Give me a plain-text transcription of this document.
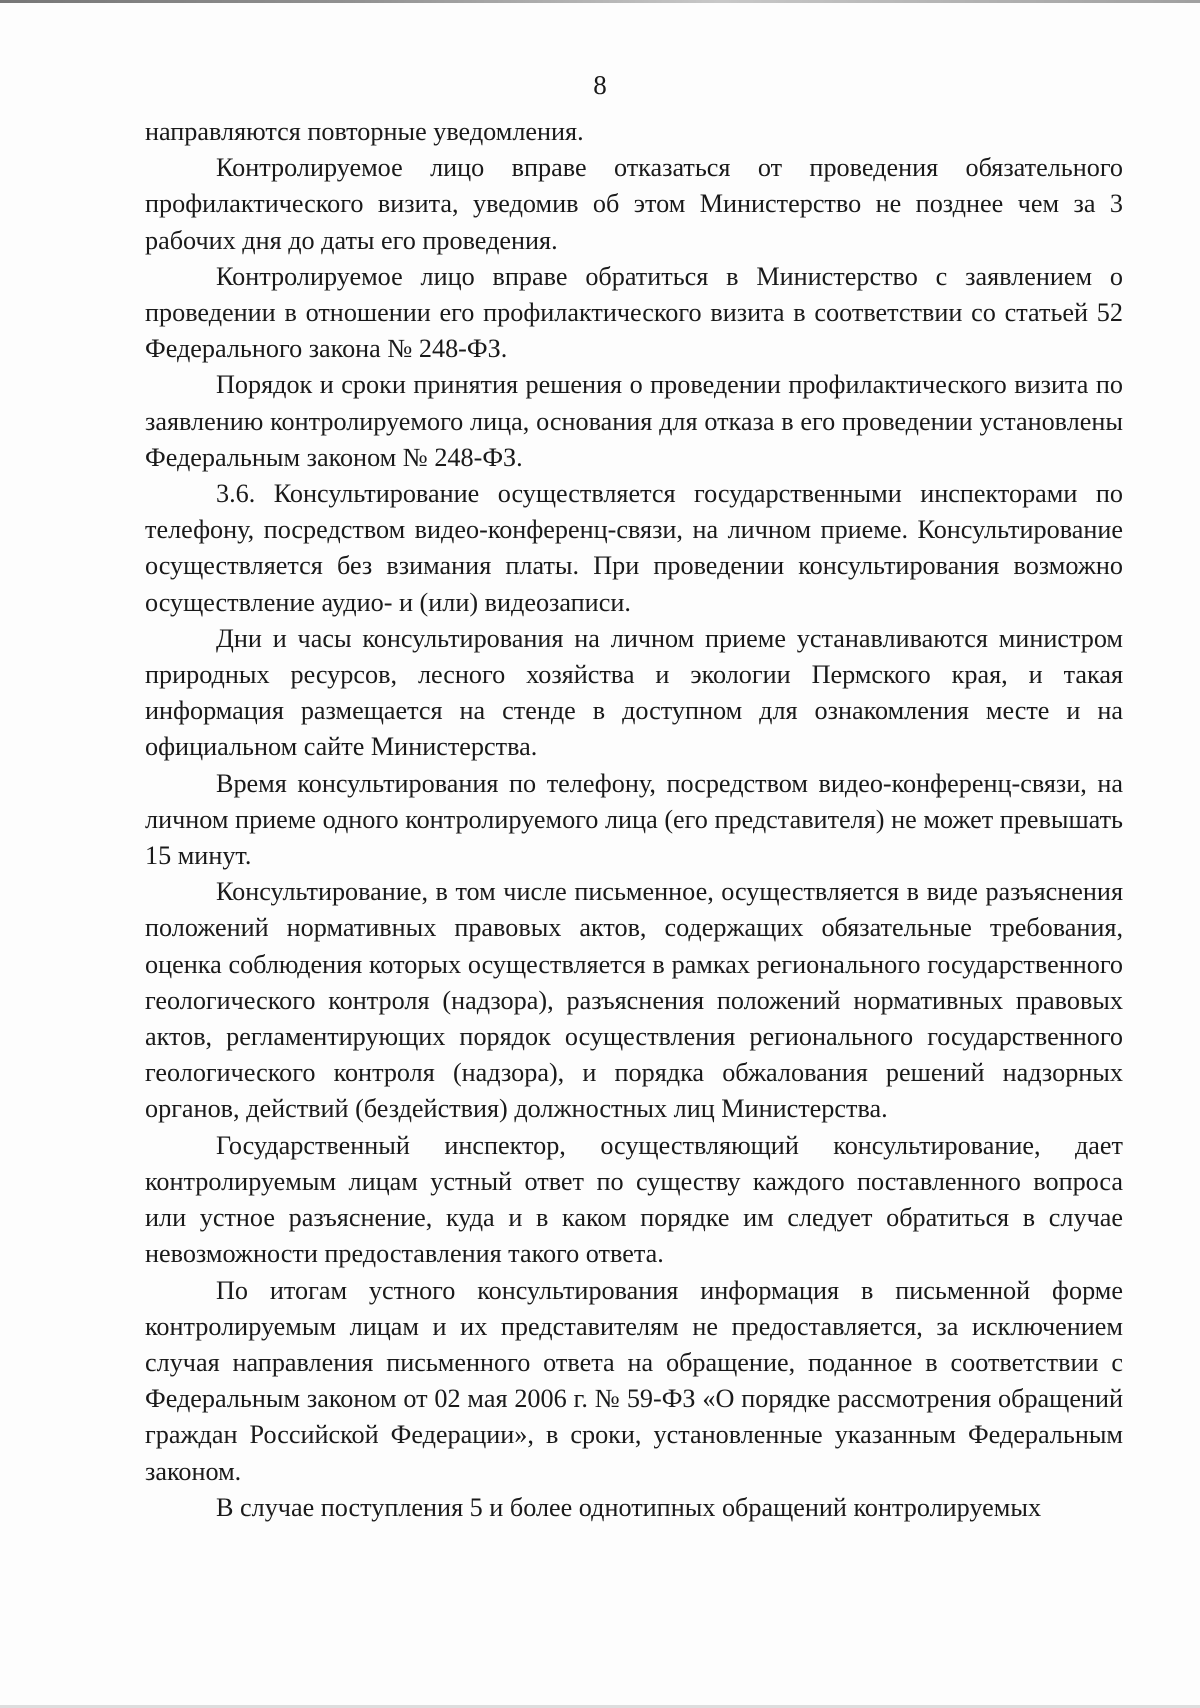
8

направляются повторные уведомления.

Контролируемое лицо вправе отказаться от проведения обязательного профилактического визита, уведомив об этом Министерство не позднее чем за 3 рабочих дня до даты его проведения.

Контролируемое лицо вправе обратиться в Министерство с заявлением о проведении в отношении его профилактического визита в соответствии со статьей 52 Федерального закона № 248-ФЗ.

Порядок и сроки принятия решения о проведении профилактического визита по заявлению контролируемого лица, основания для отказа в его проведении установлены Федеральным законом № 248-ФЗ.

3.6. Консультирование осуществляется государственными инспекторами по телефону, посредством видео-конференц-связи, на личном приеме. Консультирование осуществляется без взимания платы. При проведении консультирования возможно осуществление аудио- и (или) видеозаписи.

Дни и часы консультирования на личном приеме устанавливаются министром природных ресурсов, лесного хозяйства и экологии Пермского края, и такая информация размещается на стенде в доступном для ознакомления месте и на официальном сайте Министерства.

Время консультирования по телефону, посредством видео-конференц-связи, на личном приеме одного контролируемого лица (его представителя) не может превышать 15 минут.

Консультирование, в том числе письменное, осуществляется в виде разъяснения положений нормативных правовых актов, содержащих обязательные требования, оценка соблюдения которых осуществляется в рамках регионального государственного геологического контроля (надзора), разъяснения положений нормативных правовых актов, регламентирующих порядок осуществления регионального государственного геологического контроля (надзора), и порядка обжалования решений надзорных органов, действий (бездействия) должностных лиц Министерства.

Государственный инспектор, осуществляющий консультирование, дает контролируемым лицам устный ответ по существу каждого поставленного вопроса или устное разъяснение, куда и в каком порядке им следует обратиться в случае невозможности предоставления такого ответа.

По итогам устного консультирования информация в письменной форме контролируемым лицам и их представителям не предоставляется, за исключением случая направления письменного ответа на обращение, поданное в соответствии с Федеральным законом от 02 мая 2006 г. № 59-ФЗ «О порядке рассмотрения обращений граждан Российской Федерации», в сроки, установленные указанным Федеральным законом.

В случае поступления 5 и более однотипных обращений контролируемых
